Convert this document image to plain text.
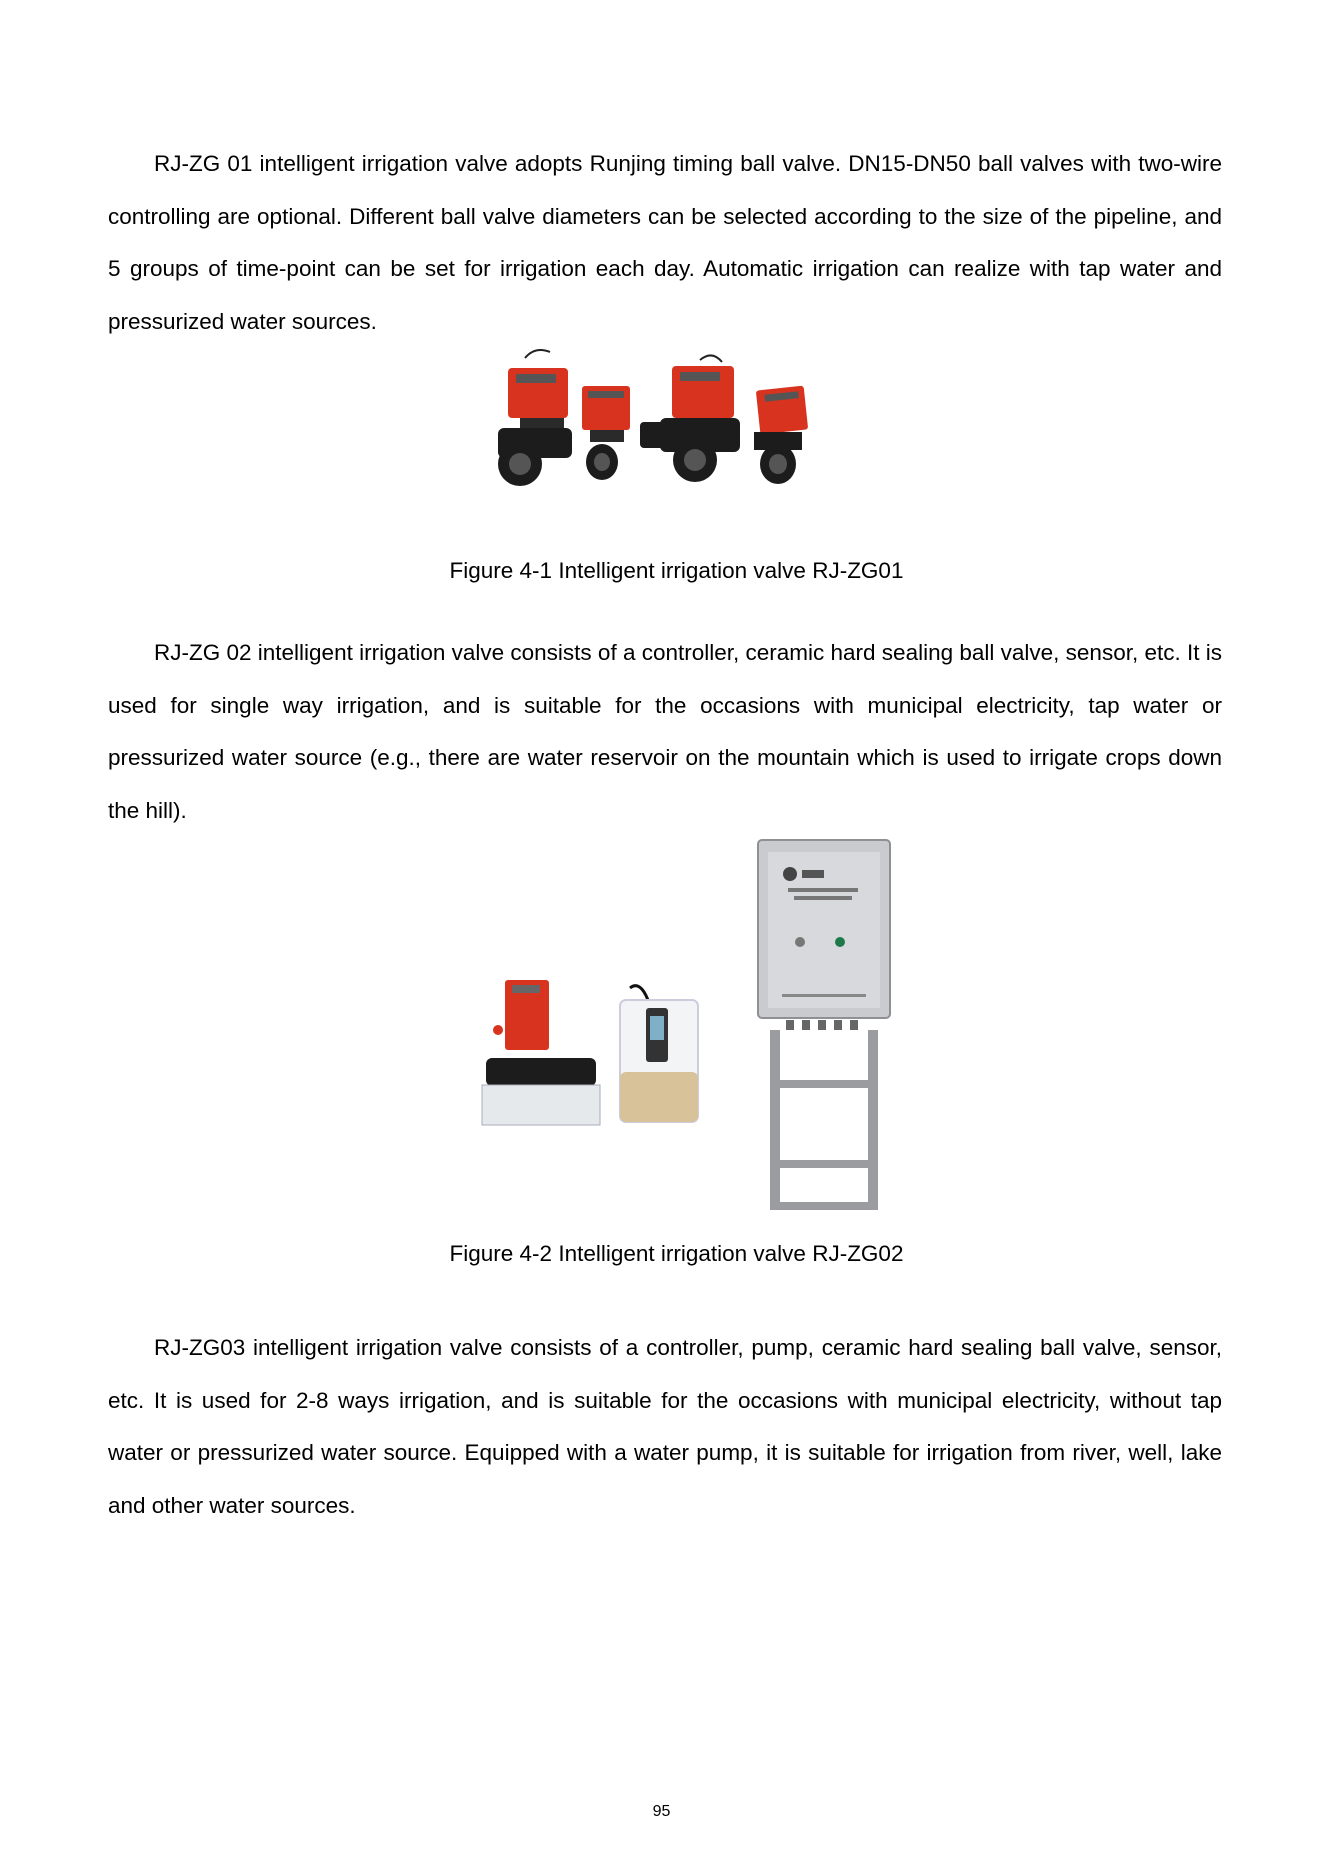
RJ-ZG 01 intelligent irrigation valve adopts Runjing timing ball valve. DN15-DN50 ball valves with two-wire controlling are optional. Different ball valve diameters can be selected according to the size of the pipeline, and 5 groups of time-point can be set for irrigation each day. Automatic irrigation can realize with tap water and pressurized water sources.

Figure 4-1 Intelligent irrigation valve RJ-ZG01

RJ-ZG 02 intelligent irrigation valve consists of a controller, ceramic hard sealing ball valve, sensor, etc. It is used for single way irrigation, and is suitable for the occasions with municipal electricity, tap water or pressurized water source (e.g., there are water reservoir on the mountain which is used to irrigate crops down the hill).

Figure 4-2 Intelligent irrigation valve RJ-ZG02

RJ-ZG03 intelligent irrigation valve consists of a controller, pump, ceramic hard sealing ball valve, sensor, etc. It is used for 2-8 ways irrigation, and is suitable for the occasions with municipal electricity, without tap water or pressurized water source. Equipped with a water pump, it is suitable for irrigation from river, well, lake and other water sources.

95
